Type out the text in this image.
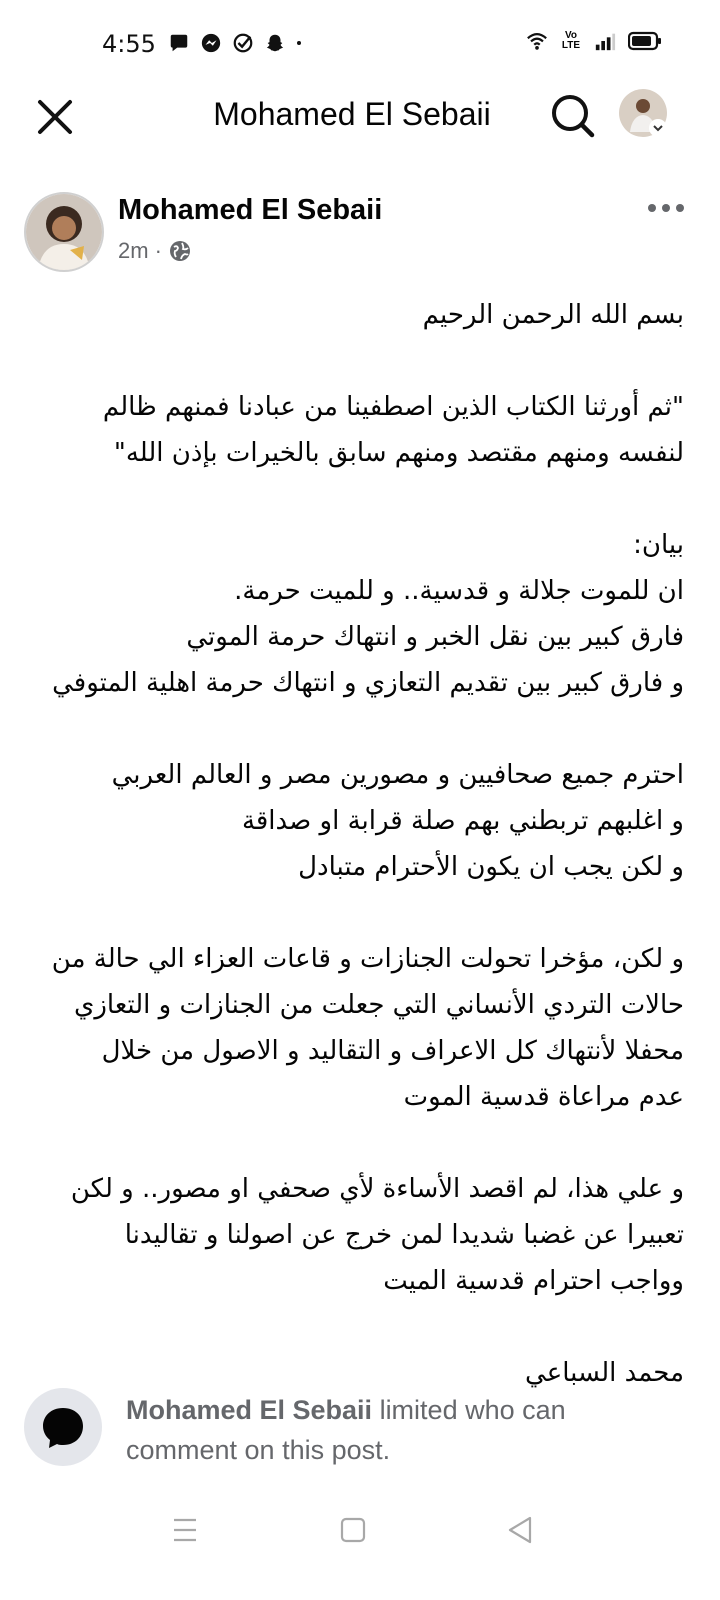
4:55	Vo LTE
Mohamed El Sebaii
Mohamed El Sebaii
2m ·

بسم الله الرحمن الرحيم

"ثم أورثنا الكتاب الذين اصطفينا من عبادنا فمنهم ظالم

لنفسه ومنهم مقتصد ومنهم سابق بالخيرات بإذن الله"

بيان:

ان للموت جلالة و قدسية.. و للميت حرمة.

فارق كبير بين نقل الخبر و انتهاك حرمة الموتي

و فارق كبير بين تقديم التعازي و انتهاك حرمة اهلية المتوفي

احترم جميع صحافيين و مصورين مصر و العالم العربي

و اغلبهم تربطني بهم صلة قرابة او صداقة

و لكن يجب ان يكون الأحترام متبادل

و لكن، مؤخرا تحولت الجنازات و قاعات العزاء الي حالة من

حالات التردي الأنساني التي جعلت من الجنازات و التعازي

محفلا لأنتهاك كل الاعراف و التقاليد و الاصول من خلال

عدم مراعاة قدسية الموت

و علي هذا، لم اقصد الأساءة لأي صحفي او مصور.. و لكن

تعبيرا عن غضبا شديدا لمن خرج عن اصولنا و تقاليدنا

وواجب احترام قدسية الميت

محمد السباعي

Mohamed El Sebaii limited who can comment on this post.
